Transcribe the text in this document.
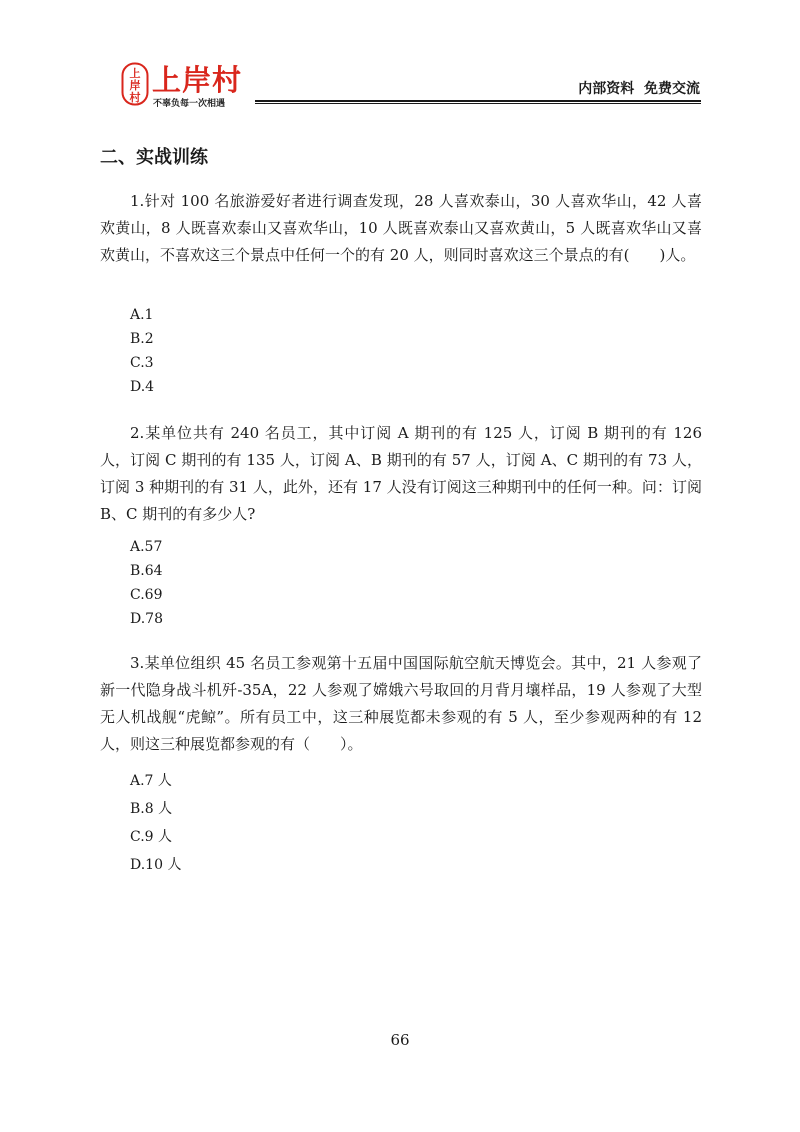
上
岸
村
上岸村
不辜负每一次相遇
内部资料  免费交流
二、实战训练

1.针对 100 名旅游爱好者进行调查发现，28 人喜欢泰山，30 人喜欢华山，42 人喜欢黄山，8 人既喜欢泰山又喜欢华山，10 人既喜欢泰山又喜欢黄山，5 人既喜欢华山又喜欢黄山，不喜欢这三个景点中任何一个的有 20 人，则同时喜欢这三个景点的有(　　)人。

A.1

B.2

C.3

D.4

2.某单位共有 240 名员工，其中订阅 A 期刊的有 125 人，订阅 B 期刊的有 126 人，订阅 C 期刊的有 135 人，订阅 A、B 期刊的有 57 人，订阅 A、C 期刊的有 73 人，订阅 3 种期刊的有 31 人，此外，还有 17 人没有订阅这三种期刊中的任何一种。问：订阅 B、C 期刊的有多少人?

A.57

B.64

C.69

D.78

3.某单位组织 45 名员工参观第十五届中国国际航空航天博览会。其中，21 人参观了新一代隐身战斗机歼-35A，22 人参观了嫦娥六号取回的月背月壤样品，19 人参观了大型无人机战舰“虎鲸”。所有员工中，这三种展览都未参观的有 5 人，至少参观两种的有 12 人，则这三种展览都参观的有（　　）。

A.7 人

B.8 人

C.9 人

D.10 人

66
